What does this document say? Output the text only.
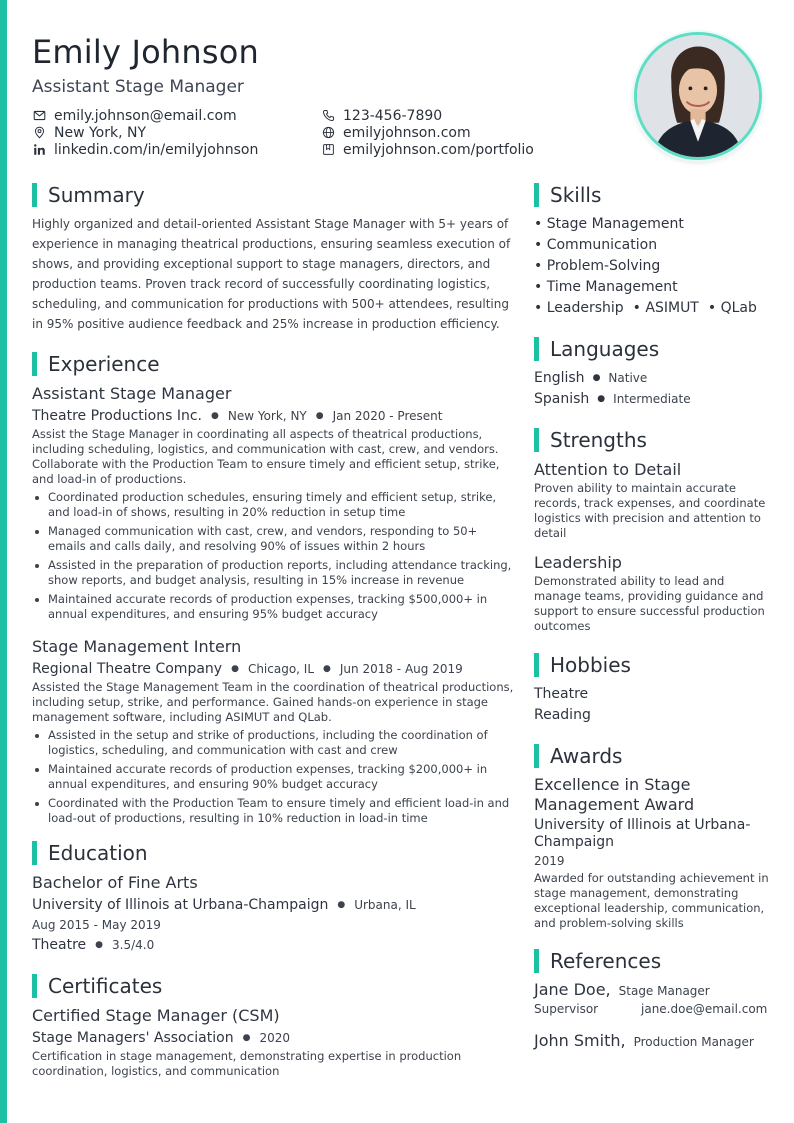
Emily Johnson
Assistant Stage Manager
emily.johnson@email.com	123-456-7890
New York, NY	emilyjohnson.com
linkedin.com/in/emilyjohnson	emilyjohnson.com/portfolio
Summary
Highly organized and detail-oriented Assistant Stage Manager with 5+ years of experience in managing theatrical productions, ensuring seamless execution of shows, and providing exceptional support to stage managers, directors, and production teams. Proven track record of successfully coordinating logistics, scheduling, and communication for productions with 500+ attendees, resulting in 95% positive audience feedback and 25% increase in production efficiency.
Experience
Assistant Stage Manager
Theatre Productions Inc. ● New York, NY ● Jan 2020 - Present
Assist the Stage Manager in coordinating all aspects of theatrical productions, including scheduling, logistics, and communication with cast, crew, and vendors. Collaborate with the Production Team to ensure timely and efficient setup, strike, and load-in of productions.
Coordinated production schedules, ensuring timely and efficient setup, strike, and load-in of shows, resulting in 20% reduction in setup time
Managed communication with cast, crew, and vendors, responding to 50+ emails and calls daily, and resolving 90% of issues within 2 hours
Assisted in the preparation of production reports, including attendance tracking, show reports, and budget analysis, resulting in 15% increase in revenue
Maintained accurate records of production expenses, tracking $500,000+ in annual expenditures, and ensuring 95% budget accuracy
Stage Management Intern
Regional Theatre Company ● Chicago, IL ● Jun 2018 - Aug 2019
Assisted the Stage Management Team in the coordination of theatrical productions, including setup, strike, and performance. Gained hands-on experience in stage management software, including ASIMUT and QLab.
Assisted in the setup and strike of productions, including the coordination of logistics, scheduling, and communication with cast and crew
Maintained accurate records of production expenses, tracking $200,000+ in annual expenditures, and ensuring 90% budget accuracy
Coordinated with the Production Team to ensure timely and efficient load-in and load-out of productions, resulting in 10% reduction in load-in time
Education
Bachelor of Fine Arts
University of Illinois at Urbana-Champaign ● Urbana, IL
Aug 2015 - May 2019
Theatre ● 3.5/4.0
Certificates
Certified Stage Manager (CSM)
Stage Managers' Association ● 2020
Certification in stage management, demonstrating expertise in production coordination, logistics, and communication
Skills
• Stage Management
• Communication
• Problem-Solving
• Time Management
• Leadership	• ASIMUT	• QLab
Languages
English ● Native
Spanish ● Intermediate
Strengths
Attention to Detail
Proven ability to maintain accurate records, track expenses, and coordinate logistics with precision and attention to detail
Leadership
Demonstrated ability to lead and manage teams, providing guidance and support to ensure successful production outcomes
Hobbies
Theatre
Reading
Awards
Excellence in Stage Management Award
University of Illinois at Urbana-Champaign
2019
Awarded for outstanding achievement in stage management, demonstrating exceptional leadership, communication, and problem-solving skills
References
Jane Doe, Stage Manager
Supervisor	jane.doe@email.com
John Smith, Production Manager
